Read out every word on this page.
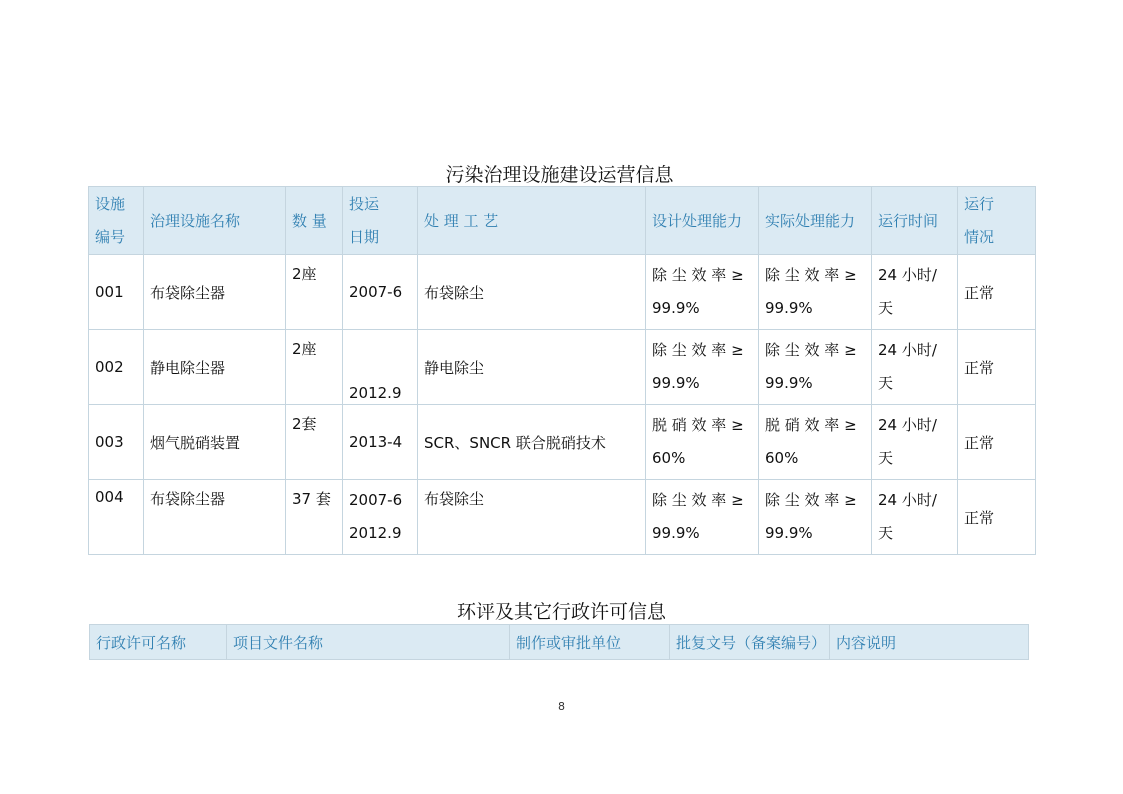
污染治理设施建设运营信息
设施
编号	治理设施名称	数 量	投运
日期	处 理 工 艺	设计处理能力	实际处理能力	运行时间	运行
情况

001	布袋除尘器	2座	2007-6	布袋除尘	除 尘 效 率 ≥
99.9%	除 尘 效 率 ≥
99.9%	24 小时/
天	正常
002	静电除尘器	2座	2012.9	静电除尘	除 尘 效 率 ≥
99.9%	除 尘 效 率 ≥
99.9%	24 小时/
天	正常
003	烟气脱硝装置	2套	2013-4	SCR、SNCR 联合脱硝技术	脱 硝 效 率 ≥
60%	脱 硝 效 率 ≥
60%	24 小时/
天	正常
004	布袋除尘器	37 套	2007-6
2012.9	布袋除尘	除 尘 效 率 ≥
99.9%	除 尘 效 率 ≥
99.9%	24 小时/
天	正常
环评及其它行政许可信息
行政许可名称	项目文件名称	制作或审批单位	批复文号（备案编号）	内容说明
8
